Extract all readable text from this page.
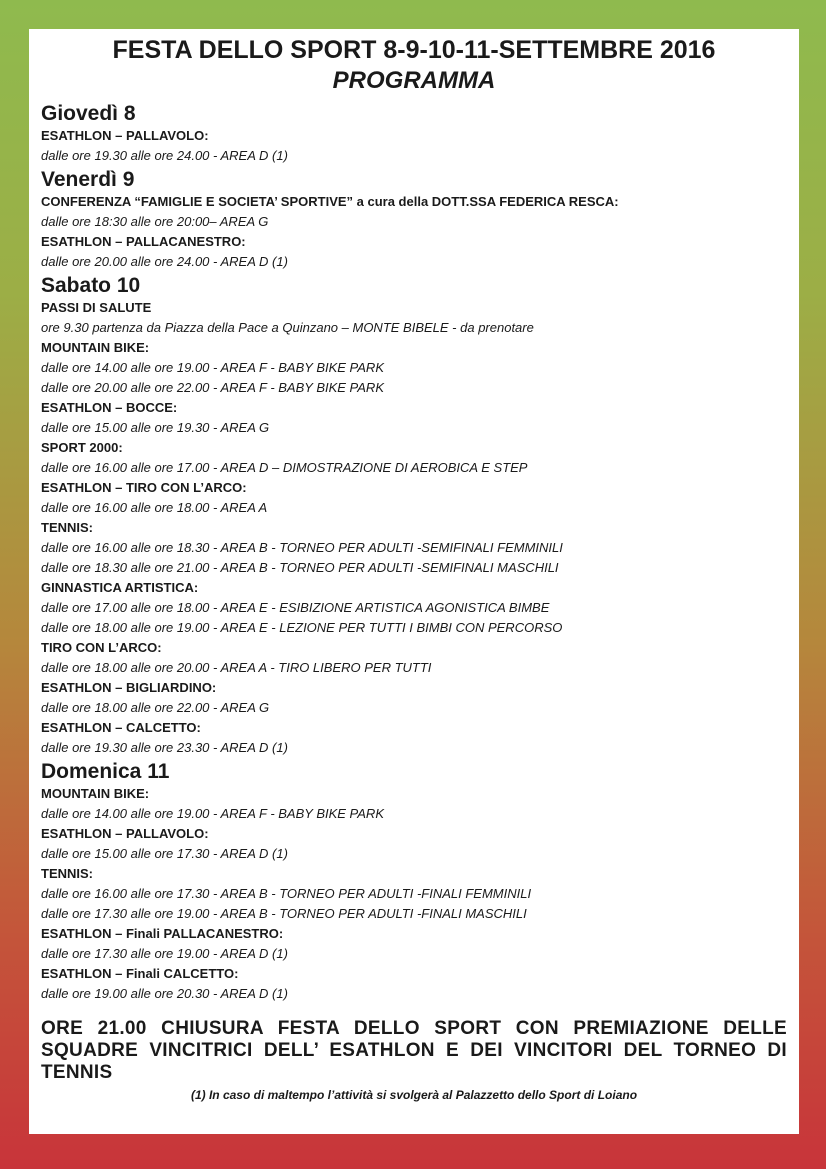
FESTA DELLO SPORT 8-9-10-11-SETTEMBRE 2016
PROGRAMMA
Giovedì 8
ESATHLON – PALLAVOLO:
dalle ore 19.30 alle ore 24.00 - AREA D (1)
Venerdì 9
CONFERENZA “FAMIGLIE E SOCIETA’ SPORTIVE” a cura della DOTT.SSA FEDERICA RESCA:
dalle ore 18:30 alle ore 20:00– AREA G
ESATHLON – PALLACANESTRO:
dalle ore 20.00 alle ore 24.00 - AREA D (1)
Sabato 10
PASSI DI SALUTE
ore 9.30 partenza da Piazza della Pace a Quinzano – MONTE BIBELE - da prenotare
MOUNTAIN BIKE:
dalle ore 14.00 alle ore 19.00 - AREA F - BABY BIKE PARK
dalle ore 20.00 alle ore 22.00 - AREA F - BABY BIKE PARK
ESATHLON – BOCCE:
dalle ore 15.00 alle ore 19.30 - AREA G
SPORT 2000:
dalle ore 16.00 alle ore 17.00 - AREA D – DIMOSTRAZIONE DI AEROBICA E STEP
ESATHLON – TIRO CON L’ARCO:
dalle ore 16.00 alle ore 18.00 - AREA A
TENNIS:
dalle ore 16.00 alle ore 18.30 - AREA B - TORNEO PER ADULTI -SEMIFINALI FEMMINILI
dalle ore 18.30 alle ore 21.00 - AREA B - TORNEO PER ADULTI -SEMIFINALI MASCHILI
GINNASTICA ARTISTICA:
dalle ore 17.00 alle ore 18.00 - AREA E - ESIBIZIONE ARTISTICA AGONISTICA BIMBE
dalle ore 18.00 alle ore 19.00 - AREA E - LEZIONE PER TUTTI I BIMBI CON PERCORSO
TIRO CON L’ARCO:
dalle ore 18.00 alle ore 20.00 - AREA A - TIRO LIBERO PER TUTTI
ESATHLON – BIGLIARDINO:
dalle ore 18.00 alle ore 22.00 - AREA G
ESATHLON – CALCETTO:
dalle ore 19.30 alle ore 23.30 - AREA D (1)
Domenica 11
MOUNTAIN BIKE:
dalle ore 14.00 alle ore 19.00 - AREA F - BABY BIKE PARK
ESATHLON – PALLAVOLO:
dalle ore 15.00 alle ore 17.30 - AREA D (1)
TENNIS:
dalle ore 16.00 alle ore 17.30 - AREA B - TORNEO PER ADULTI -FINALI FEMMINILI
dalle ore 17.30 alle ore 19.00 - AREA B - TORNEO PER ADULTI -FINALI MASCHILI
ESATHLON – Finali PALLACANESTRO:
dalle ore 17.30 alle ore 19.00 - AREA D (1)
ESATHLON – Finali CALCETTO:
dalle ore 19.00 alle ore 20.30 - AREA D (1)

ORE 21.00 CHIUSURA FESTA DELLO SPORT CON PREMIAZIONE DELLE SQUADRE VINCITRICI DELL’ ESATHLON E DEI VINCITORI DEL TORNEO DI TENNIS

(1) In caso di maltempo l’attività si svolgerà al Palazzetto dello Sport di Loiano
